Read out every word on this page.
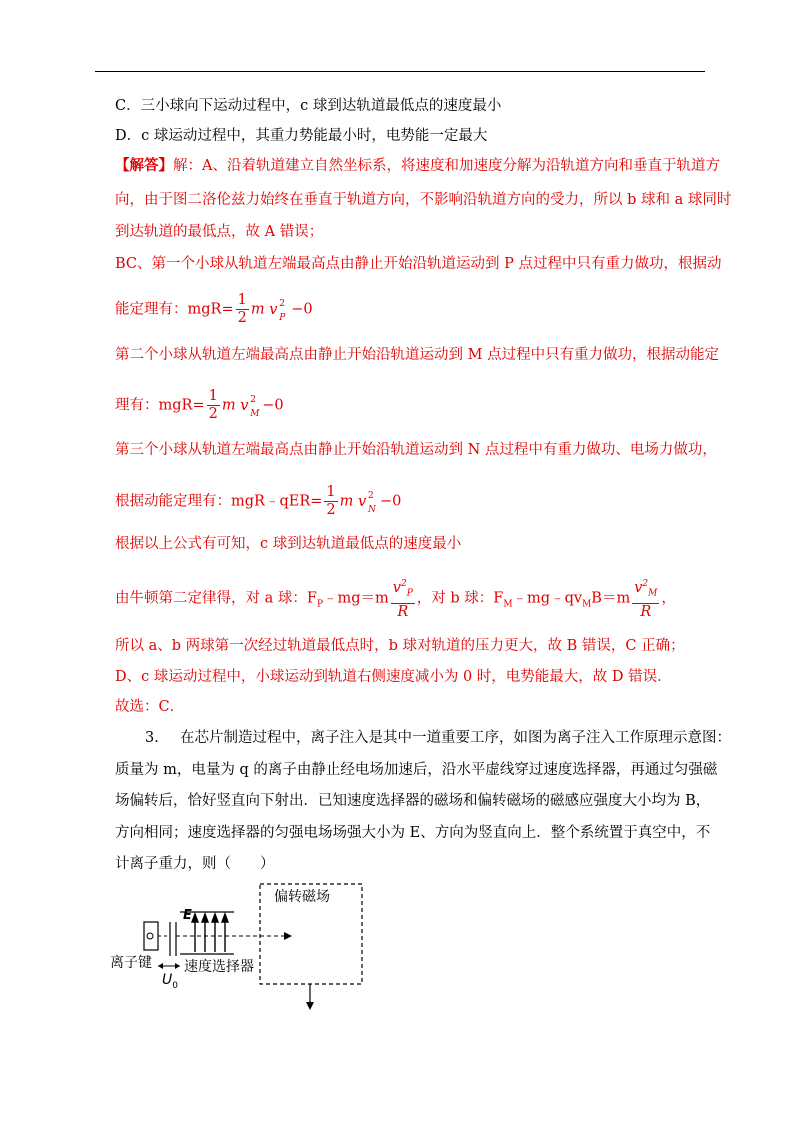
C．三小球向下运动过程中，c 球到达轨道最低点的速度最小
D．c 球运动过程中，其重力势能最小时，电势能一定最大
【解答】解：A、沿着轨道建立自然坐标系，将速度和加速度分解为沿轨道方向和垂直于轨道方
向，由于图二洛伦兹力始终在垂直于轨道方向，不影响沿轨道方向的受力，所以 b 球和 a 球同时
到达轨道的最低点，故 A 错误；
BC、第一个小球从轨道左端最高点由静止开始沿轨道运动到 P 点过程中只有重力做功，根据动
能定理有：$mgR= \frac{1}{2}$ m v 2
P −0
第二个小球从轨道左端最高点由静止开始沿轨道运动到 M 点过程中只有重力做功，根据动能定
理有：$mgR= \frac{1}{2}$ m v 2
M −0
第三个小球从轨道左端最高点由静止开始沿轨道运动到 N 点过程中有重力做功、电场力做功，
根据动能定理有：mgR﹣qER= $\frac{1}{2}$ m v 2
N −0
根据以上公式有可知，c 球到达轨道最低点的速度最小
由牛顿第二定律得，对 a 球：$F_P﹣mg=m \frac{v^2_P}{R}$ ，对 b 球：$F_M﹣mg﹣qv_MB=m \frac{v^2_M}{R}$ ，
所以 a、b 两球第一次经过轨道最低点时，b 球对轨道的压力更大，故 B 错误，C 正确；
D、c 球运动过程中，小球运动到轨道右侧速度减小为 0 时，电势能最大，故 D 错误．
故选：C．
3. 在芯片制造过程中，离子注入是其中一道重要工序，如图为离子注入工作原理示意图：
质量为 m，电量为 q 的离子由静止经电场加速后，沿水平虚线穿过速度选择器，再通过匀强磁
场偏转后，恰好竖直向下射出．已知速度选择器的磁场和偏转磁场的磁感应强度大小均为 B，
方向相同；速度选择器的匀强电场场强大小为 E、方向为竖直向上．整个系统置于真空中，不
计离子重力，则（　　）
偏转磁场
E
离子键 速度选择器
$U_0$
